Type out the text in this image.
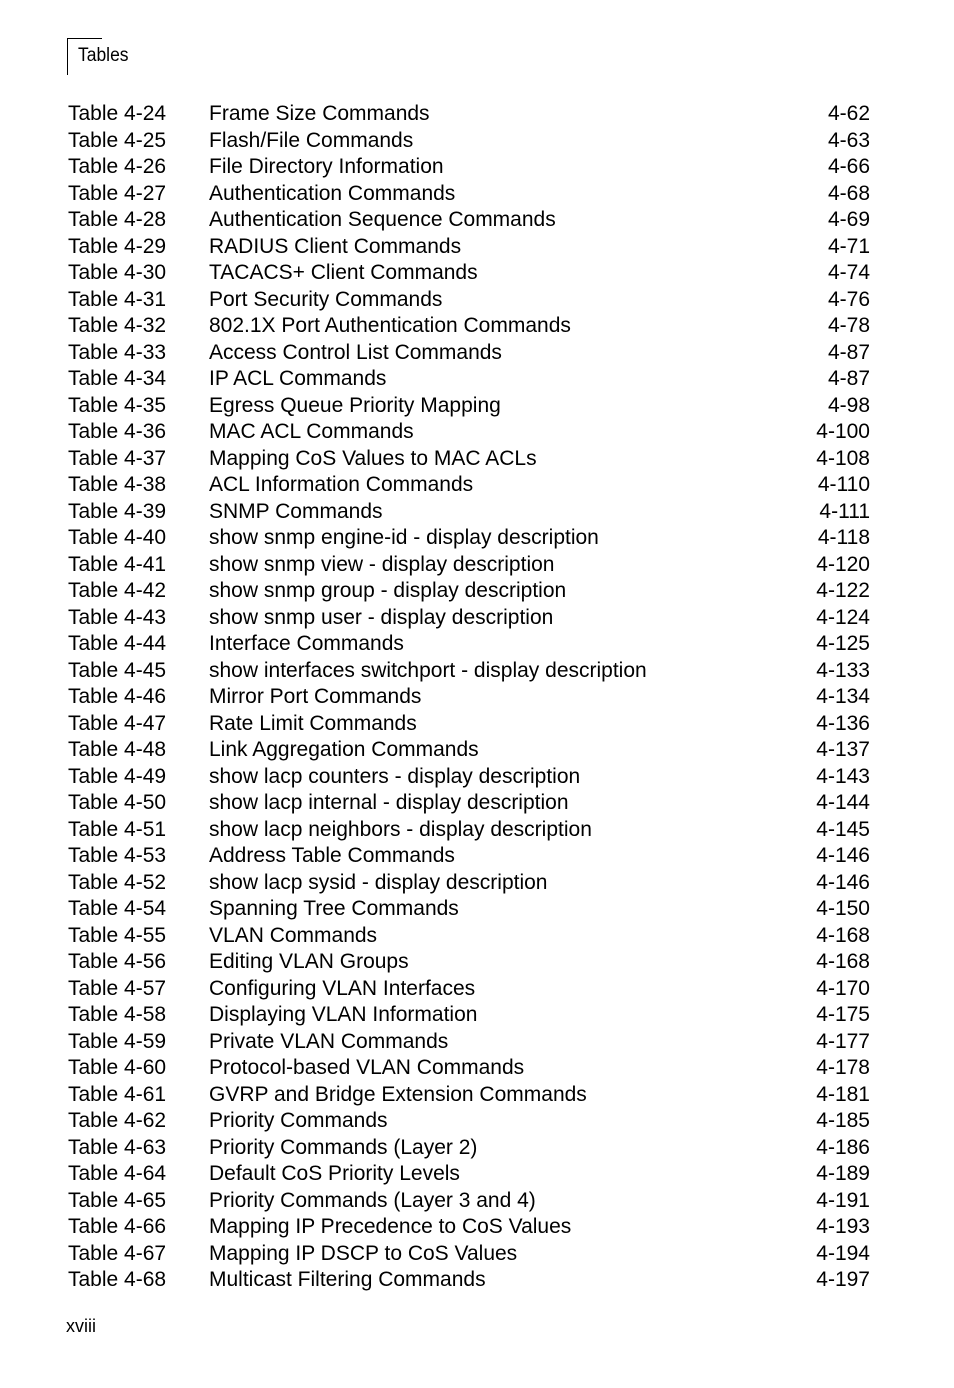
Tables
Table 4-24 Frame Size Commands	4-62
Table 4-25 Flash/File Commands	4-63
Table 4-26 File Directory Information	4-66
Table 4-27 Authentication Commands	4-68
Table 4-28 Authentication Sequence Commands	4-69
Table 4-29 RADIUS Client Commands	4-71
Table 4-30 TACACS+ Client Commands	4-74
Table 4-31 Port Security Commands	4-76
Table 4-32 802.1X Port Authentication Commands	4-78
Table 4-33 Access Control List Commands	4-87
Table 4-34 IP ACL Commands	4-87
Table 4-35 Egress Queue Priority Mapping	4-98
Table 4-36 MAC ACL Commands	4-100
Table 4-37 Mapping CoS Values to MAC ACLs	4-108
Table 4-38 ACL Information Commands	4-110
Table 4-39 SNMP Commands	4-111
Table 4-40 show snmp engine-id - display description	4-118
Table 4-41 show snmp view - display description	4-120
Table 4-42 show snmp group - display description	4-122
Table 4-43 show snmp user - display description	4-124
Table 4-44 Interface Commands	4-125
Table 4-45 show interfaces switchport - display description	4-133
Table 4-46 Mirror Port Commands	4-134
Table 4-47 Rate Limit Commands	4-136
Table 4-48 Link Aggregation Commands	4-137
Table 4-49 show lacp counters - display description	4-143
Table 4-50 show lacp internal - display description	4-144
Table 4-51 show lacp neighbors - display description	4-145
Table 4-53 Address Table Commands	4-146
Table 4-52 show lacp sysid - display description	4-146
Table 4-54 Spanning Tree Commands	4-150
Table 4-55 VLAN Commands	4-168
Table 4-56 Editing VLAN Groups	4-168
Table 4-57 Configuring VLAN Interfaces	4-170
Table 4-58 Displaying VLAN Information	4-175
Table 4-59 Private VLAN Commands	4-177
Table 4-60 Protocol-based VLAN Commands	4-178
Table 4-61 GVRP and Bridge Extension Commands	4-181
Table 4-62 Priority Commands	4-185
Table 4-63 Priority Commands (Layer 2)	4-186
Table 4-64 Default CoS Priority Levels	4-189
Table 4-65 Priority Commands (Layer 3 and 4)	4-191
Table 4-66 Mapping IP Precedence to CoS Values	4-193
Table 4-67 Mapping IP DSCP to CoS Values	4-194
Table 4-68 Multicast Filtering Commands	4-197
xviii
